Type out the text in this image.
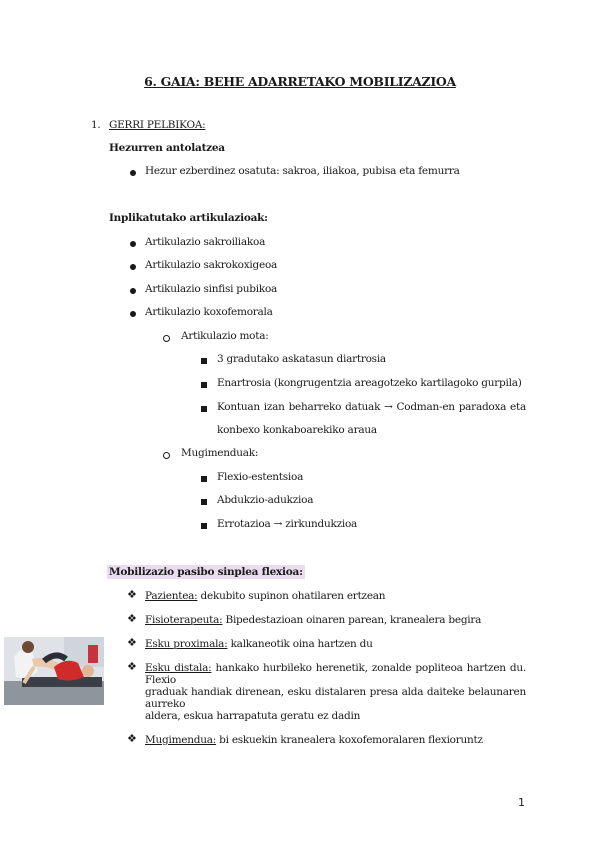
6. GAIA: BEHE ADARRETAKO MOBILIZAZIOA
1. GERRI PELBIKOA:
Hezurren antolatzea
Hezur ezberdinez osatuta: sakroa, iliakoa, pubisa eta femurra
Inplikatutako artikulazioak:
Artikulazio sakroiliakoa
Artikulazio sakrokoxigeoa
Artikulazio sinfisi pubikoa
Artikulazio koxofemorala
Artikulazio mota:
3 gradutako askatasun diartrosia
Enartrosia (kongrugentzia areagotzeko kartilagoko gurpila)
Kontuan izan beharreko datuak → Codman-en paradoxa eta
konbexo konkaboarekiko araua
Mugimenduak:
Flexio-estentsioa
Abdukzio-adukzioa
Errotazioa → zirkundukzioa
Mobilizazio pasibo sinplea flexioa:
❖ Pazientea: dekubito supinon ohatilaren ertzean
❖ Fisioterapeuta: Bipedestazioan oinaren parean, kranealera begira
❖ Esku proximala: kalkaneotik oina hartzen du
❖ Esku distala: hankako hurbileko herenetik, zonalde popliteoa hartzen du. Flexio
graduak handiak direnean, esku distalaren presa alda daiteke belaunaren aurreko
aldera, eskua harrapatuta geratu ez dadin
❖ Mugimendua: bi eskuekin kranealera koxofemoralaren flexioruntz
1
